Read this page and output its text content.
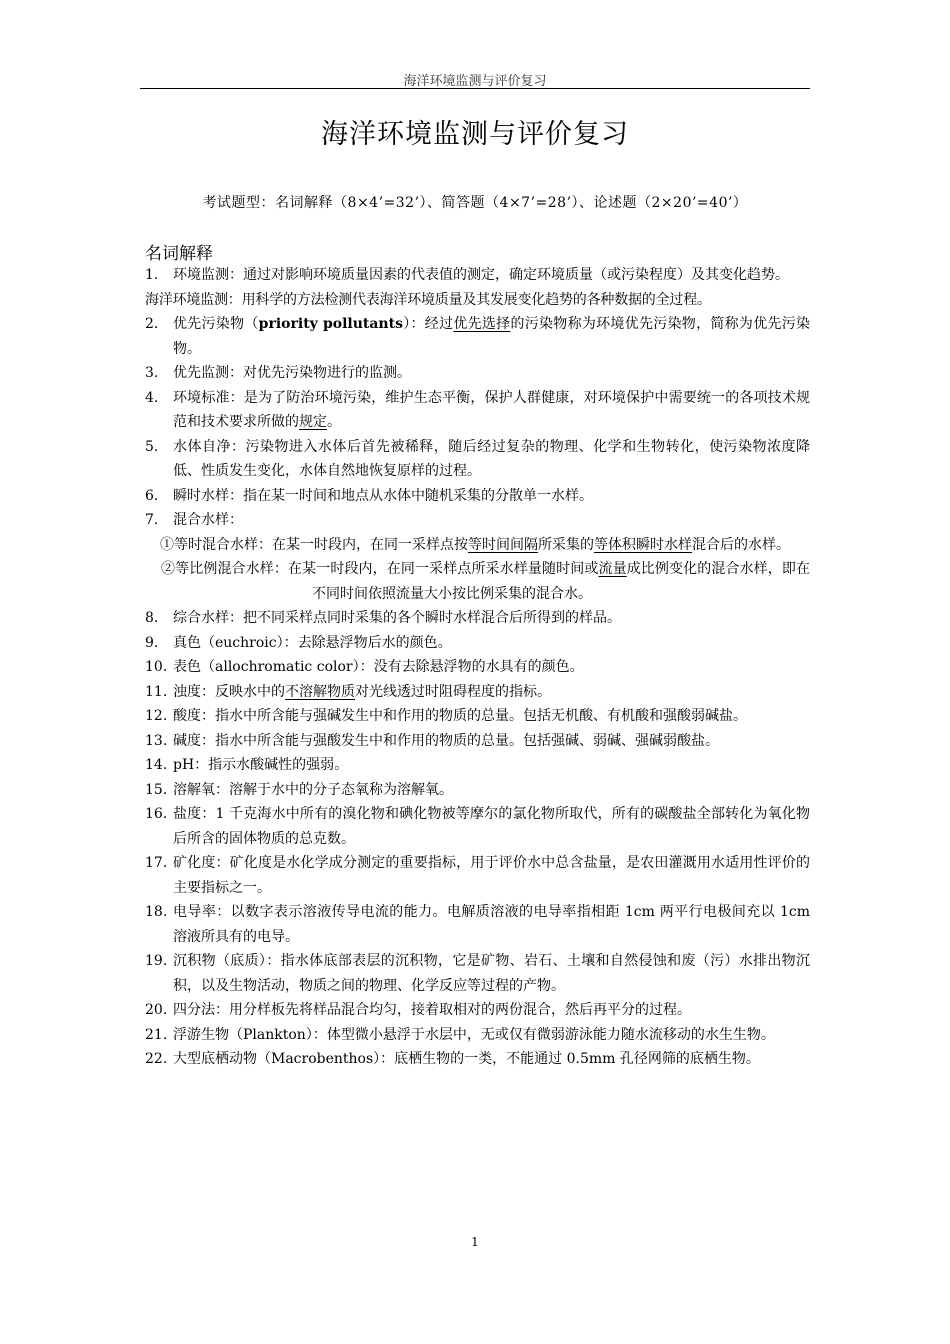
海洋环境监测与评价复习
海洋环境监测与评价复习
考试题型：名词解释（8×4’=32’）、简答题（4×7’=28’）、论述题（2×20’=40’）
名词解释
1. 环境监测：通过对影响环境质量因素的代表值的测定，确定环境质量（或污染程度）及其变化趋势。
海洋环境监测：用科学的方法检测代表海洋环境质量及其发展变化趋势的各种数据的全过程。
2. 优先污染物（priority pollutants）：经过优先选择的污染物称为环境优先污染物，简称为优先污染物。
3. 优先监测：对优先污染物进行的监测。
4. 环境标准：是为了防治环境污染，维护生态平衡，保护人群健康，对环境保护中需要统一的各项技术规范和技术要求所做的规定。
5. 水体自净：污染物进入水体后首先被稀释，随后经过复杂的物理、化学和生物转化，使污染物浓度降低、性质发生变化，水体自然地恢复原样的过程。
6. 瞬时水样：指在某一时间和地点从水体中随机采集的分散单一水样。
7. 混合水样：
①等时混合水样：在某一时段内，在同一采样点按等时间间隔所采集的等体积瞬时水样混合后的水样。
②等比例混合水样：在某一时段内，在同一采样点所采水样量随时间或流量成比例变化的混合水样，即在不同时间依照流量大小按比例采集的混合水。
8. 综合水样：把不同采样点同时采集的各个瞬时水样混合后所得到的样品。
9. 真色（euchroic）：去除悬浮物后水的颜色。
10. 表色（allochromatic color）：没有去除悬浮物的水具有的颜色。
11. 浊度：反映水中的不溶解物质对光线透过时阻碍程度的指标。
12. 酸度：指水中所含能与强碱发生中和作用的物质的总量。包括无机酸、有机酸和强酸弱碱盐。
13. 碱度：指水中所含能与强酸发生中和作用的物质的总量。包括强碱、弱碱、强碱弱酸盐。
14. pH：指示水酸碱性的强弱。
15. 溶解氧：溶解于水中的分子态氧称为溶解氧。
16. 盐度：1 千克海水中所有的溴化物和碘化物被等摩尔的氯化物所取代，所有的碳酸盐全部转化为氧化物后所含的固体物质的总克数。
17. 矿化度：矿化度是水化学成分测定的重要指标，用于评价水中总含盐量，是农田灌溉用水适用性评价的主要指标之一。
18. 电导率：以数字表示溶液传导电流的能力。电解质溶液的电导率指相距 1cm 两平行电极间充以 1cm 溶液所具有的电导。
19. 沉积物（底质）：指水体底部表层的沉积物，它是矿物、岩石、土壤和自然侵蚀和废（污）水排出物沉积，以及生物活动，物质之间的物理、化学反应等过程的产物。
20. 四分法：用分样板先将样品混合均匀，接着取相对的两份混合，然后再平分的过程。
21. 浮游生物（Plankton）：体型微小悬浮于水层中，无或仅有微弱游泳能力随水流移动的水生生物。
22. 大型底栖动物（Macrobenthos）：底栖生物的一类，不能通过 0.5mm 孔径网筛的底栖生物。
1
